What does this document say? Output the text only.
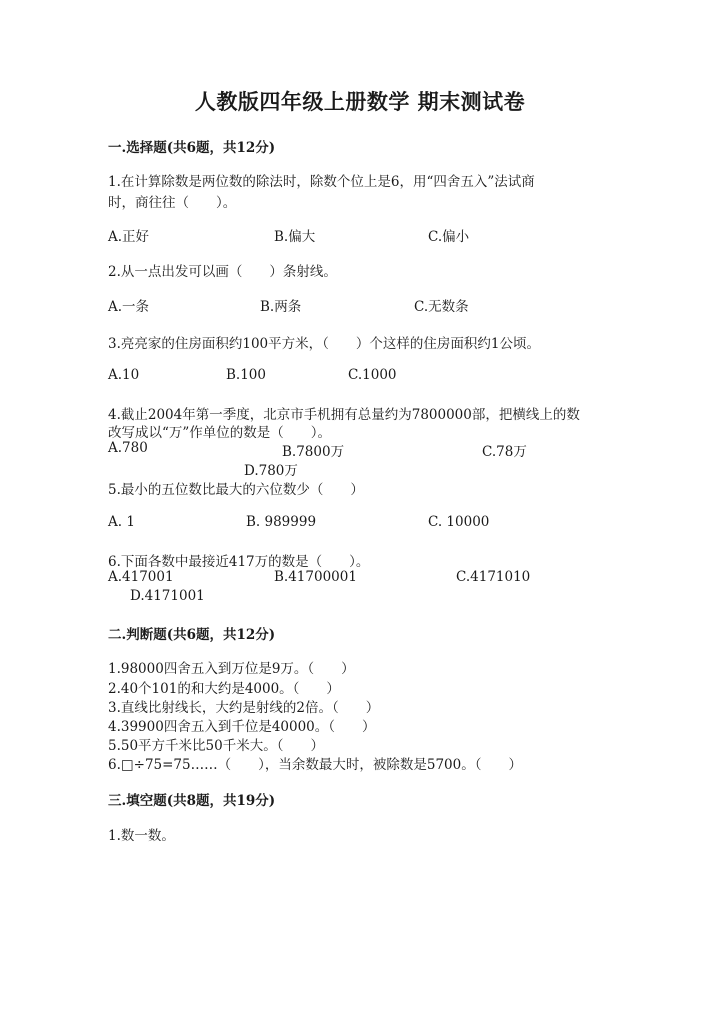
人教版四年级上册数学 期末测试卷
一.选择题(共6题，共12分)
1.在计算除数是两位数的除法时，除数个位上是6，用“四舍五入”法试商
时，商往往（　　）。
A.正好	B.偏大	C.偏小
2.从一点出发可以画（　　）条射线。
A.一条	B.两条	C.无数条
3.亮亮家的住房面积约100平方米，（　　）个这样的住房面积约1公顷。
A.10	B.100	C.1000
4.截止2004年第一季度，北京市手机拥有总量约为7800000部，把横线上的数
改写成以“万”作单位的数是（　　）。
A.780	B.7800万	C.78万
D.780万
5.最小的五位数比最大的六位数少（　　）
A. 1	B. 989999	C. 10000
6.下面各数中最接近417万的数是（　　）。
A.417001	B.41700001	C.4171010
D.4171001
二.判断题(共6题，共12分)
1.98000四舍五入到万位是9万。（　　）
2.40个101的和大约是4000。（　　）
3.直线比射线长，大约是射线的2倍。（　　）
4.39900四舍五入到千位是40000。（　　）
5.50平方千米比50千米大。（　　）
6.□÷75=75……（　　），当余数最大时，被除数是5700。（　　）
三.填空题(共8题，共19分)
1.数一数。
